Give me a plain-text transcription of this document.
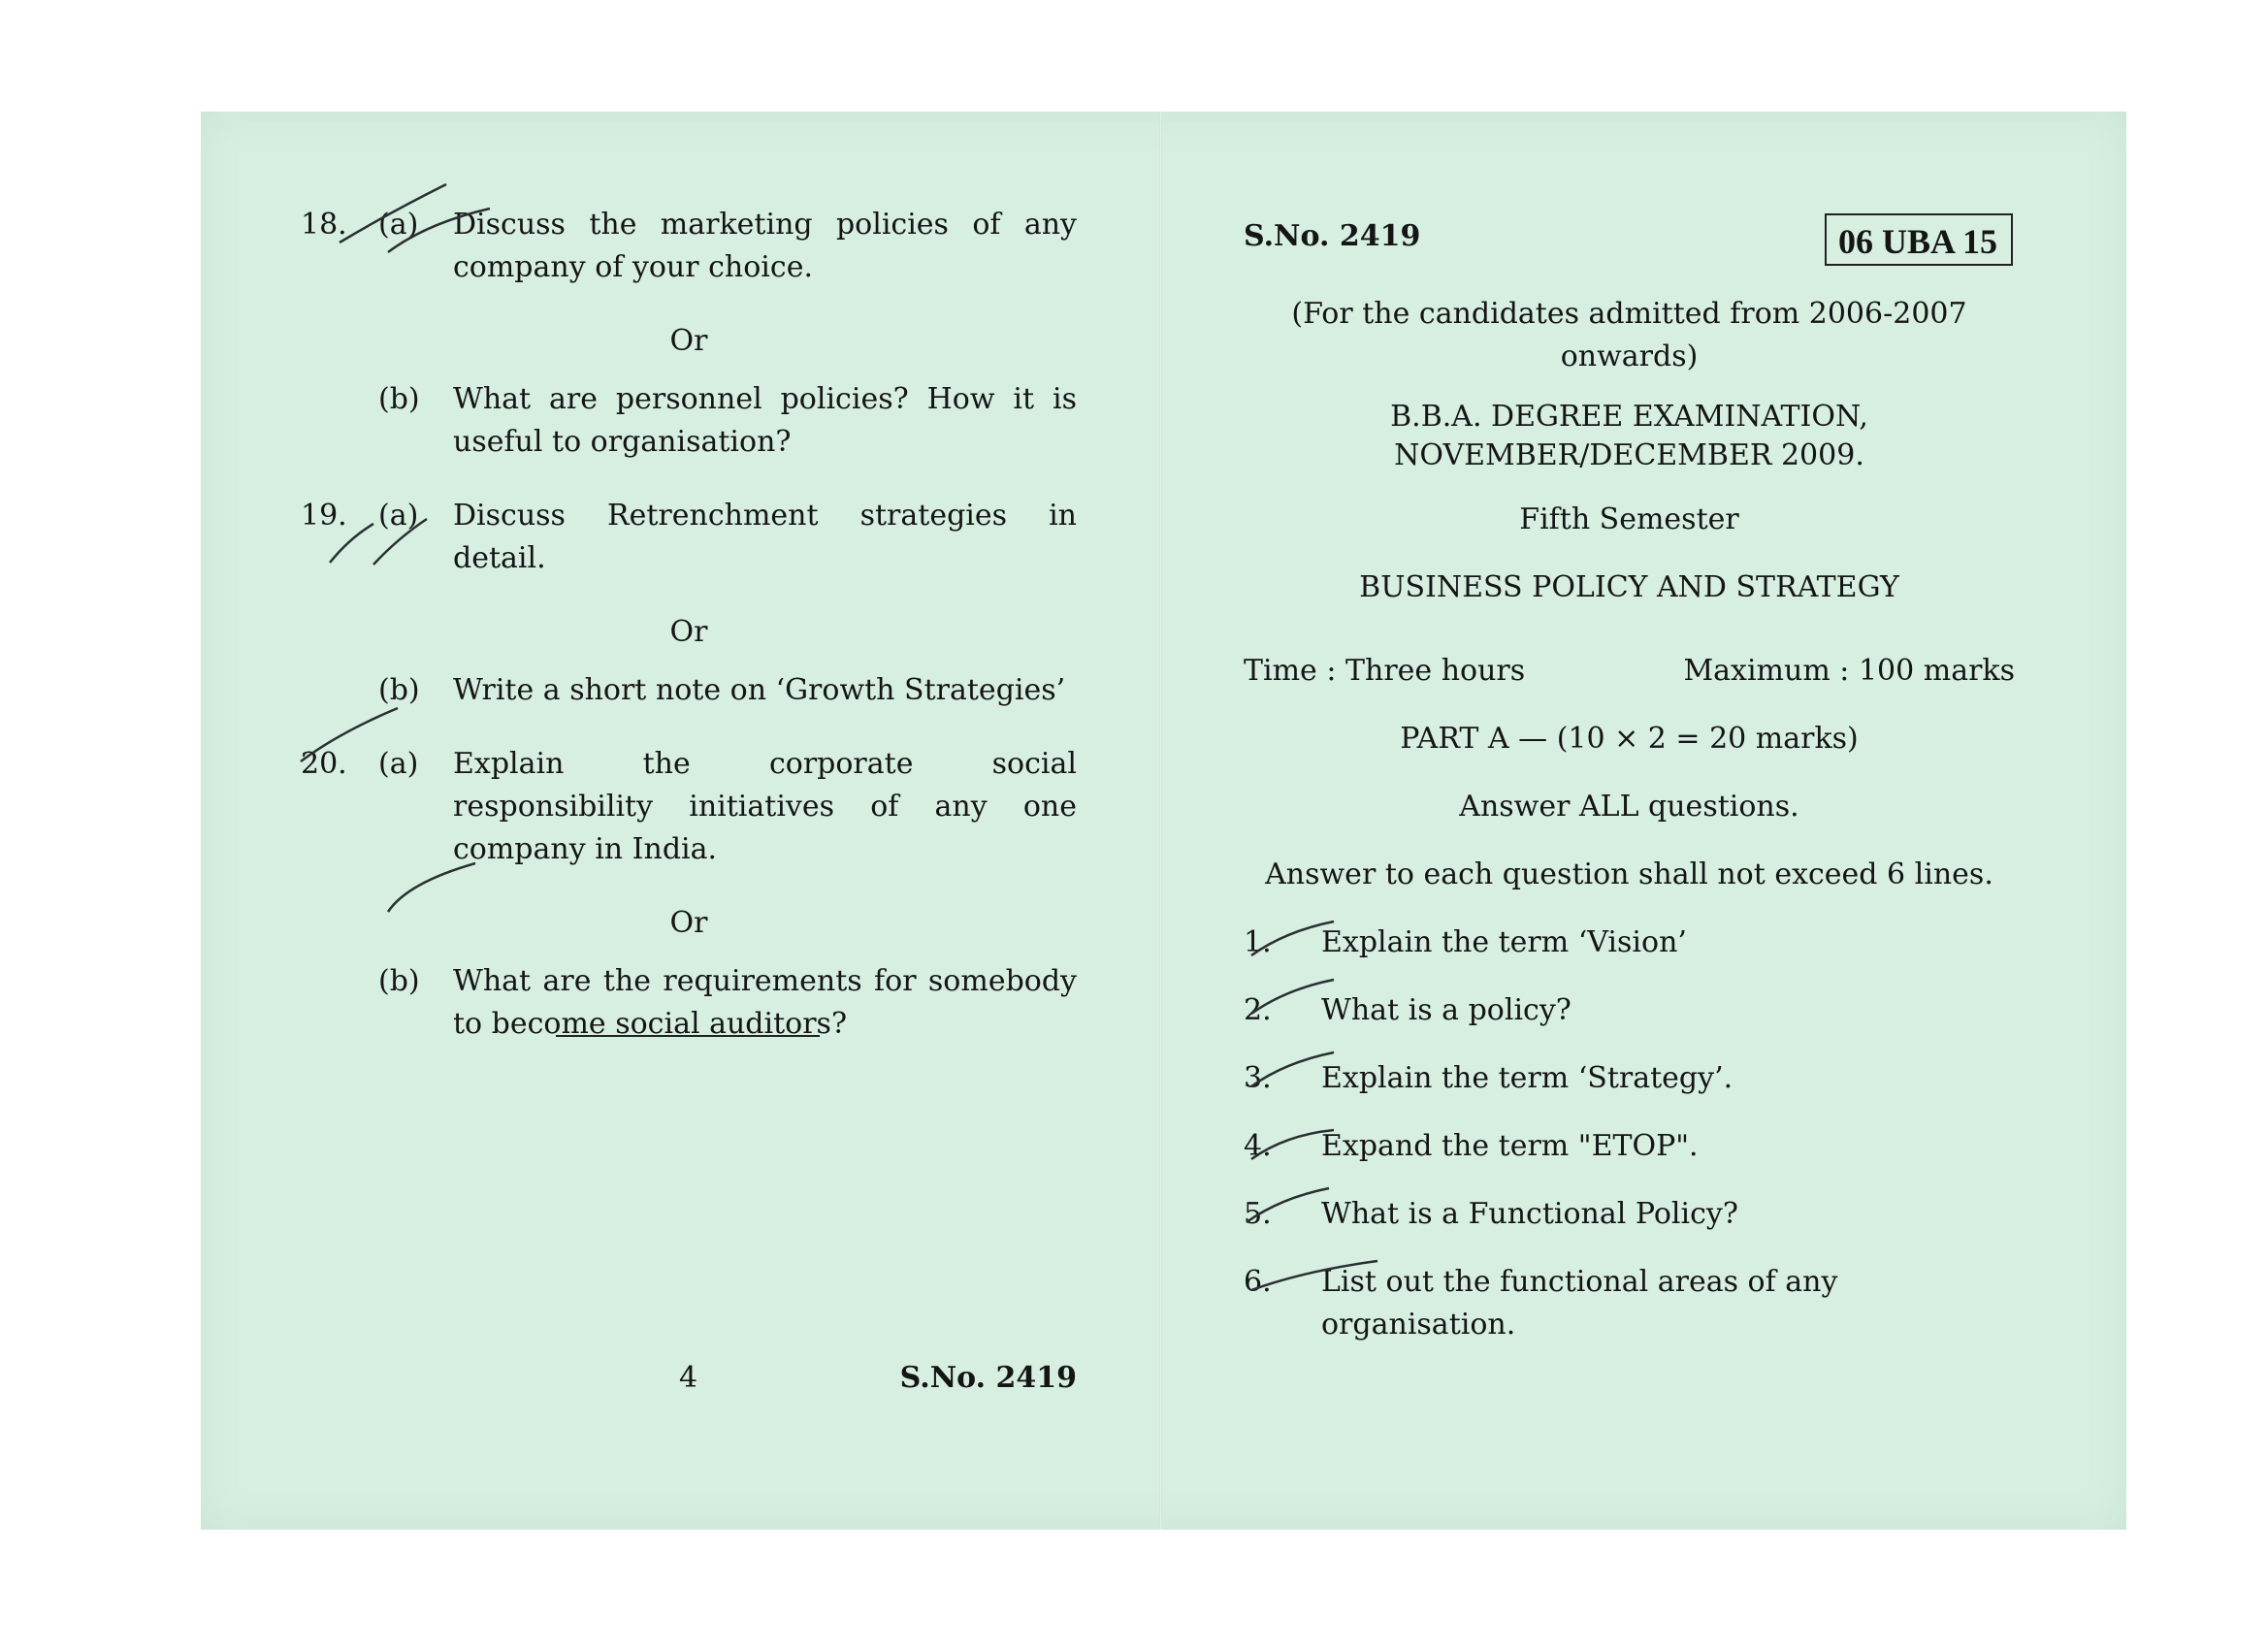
18. (a) Discuss the marketing policies of any company of your choice.
Or
(b) What are personnel policies? How it is useful to organisation?
19. (a) Discuss Retrenchment strategies in detail.
Or
(b) Write a short note on ‘Growth Strategies’
20. (a) Explain the corporate social responsibility initiatives of any one company in India.
Or
(b) What are the requirements for somebody to become social auditors?
4	S.No. 2419
S.No. 2419	06 UBA 15
(For the candidates admitted from 2006-2007 onwards)
B.B.A. DEGREE EXAMINATION,
NOVEMBER/DECEMBER 2009.
Fifth Semester
BUSINESS POLICY AND STRATEGY
Time : Three hours	Maximum : 100 marks
PART A — (10 × 2 = 20 marks)
Answer ALL questions.
Answer to each question shall not exceed 6 lines.
1. Explain the term ‘Vision’
2. What is a policy?
3. Explain the term ‘Strategy’.
4. Expand the term "ETOP".
5. What is a Functional Policy?
6. List out the functional areas of any organisation.
